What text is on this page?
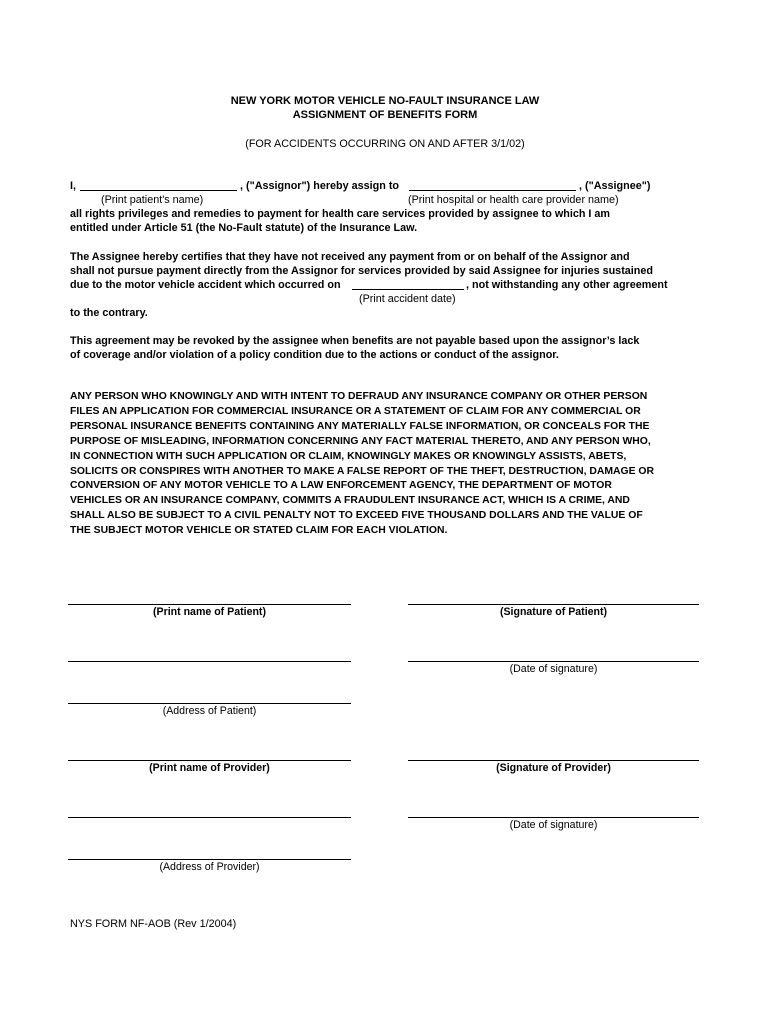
NEW YORK MOTOR VEHICLE NO-FAULT INSURANCE LAW
ASSIGNMENT OF BENEFITS FORM
(FOR ACCIDENTS OCCURRING ON AND AFTER 3/1/02)
I,	, ("Assignor") hereby assign to	, ("Assignee")
(Print patient's name)	(Print hospital or health care provider name)
all rights privileges and remedies to payment for health care services provided by assignee to which I am
entitled under Article 51 (the No-Fault statute) of the Insurance Law.
The Assignee hereby certifies that they have not received any payment from or on behalf of the Assignor and
shall not pursue payment directly from the Assignor for services provided by said Assignee for injuries sustained
due to the motor vehicle accident which occurred on	, not withstanding any other agreement
(Print accident date)
to the contrary.
This agreement may be revoked by the assignee when benefits are not payable based upon the assignor’s lack
of coverage and/or violation of a policy condition due to the actions or conduct of the assignor.
ANY PERSON WHO KNOWINGLY AND WITH INTENT TO DEFRAUD ANY INSURANCE COMPANY OR OTHER PERSON
FILES AN APPLICATION FOR COMMERCIAL INSURANCE OR A STATEMENT OF CLAIM FOR ANY COMMERCIAL OR
PERSONAL INSURANCE BENEFITS CONTAINING ANY MATERIALLY FALSE INFORMATION, OR CONCEALS FOR THE
PURPOSE OF MISLEADING, INFORMATION CONCERNING ANY FACT MATERIAL THERETO, AND ANY PERSON WHO,
IN CONNECTION WITH SUCH APPLICATION OR CLAIM, KNOWINGLY MAKES OR KNOWINGLY ASSISTS, ABETS,
SOLICITS OR CONSPIRES WITH ANOTHER TO MAKE A FALSE REPORT OF THE THEFT, DESTRUCTION, DAMAGE OR
CONVERSION OF ANY MOTOR VEHICLE TO A LAW ENFORCEMENT AGENCY, THE DEPARTMENT OF MOTOR
VEHICLES OR AN INSURANCE COMPANY, COMMITS A FRAUDULENT INSURANCE ACT, WHICH IS A CRIME, AND
SHALL ALSO BE SUBJECT TO A CIVIL PENALTY NOT TO EXCEED FIVE THOUSAND DOLLARS AND THE VALUE OF
THE SUBJECT MOTOR VEHICLE OR STATED CLAIM FOR EACH VIOLATION.
(Print name of Patient)	(Signature of Patient)
(Date of signature)
(Address of Patient)
(Print name of Provider)	(Signature of Provider)
(Date of signature)
(Address of Provider)
NYS FORM NF-AOB (Rev 1/2004)
